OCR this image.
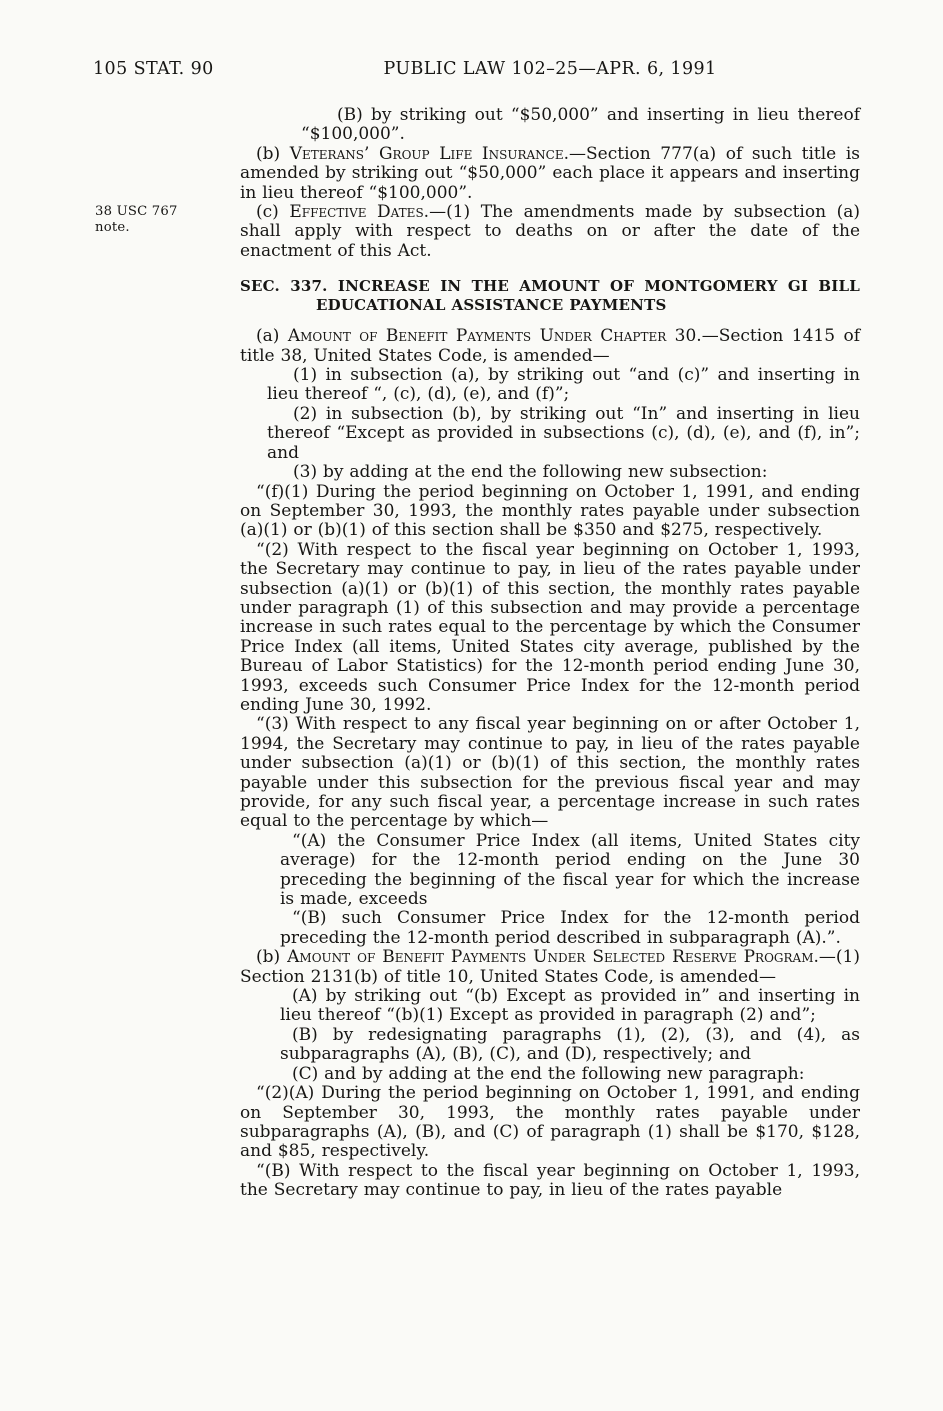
105 STAT. 90	PUBLIC LAW 102–25—APR. 6, 1991
38 USC 767
note.
(B) by striking out “$50,000” and inserting in lieu thereof “$100,000”.
(b) Veterans’ Group Life Insurance.—Section 777(a) of such title is amended by striking out “$50,000” each place it appears and inserting in lieu thereof “$100,000”.
(c) Effective Dates.—(1) The amendments made by subsection (a) shall apply with respect to deaths on or after the date of the enactment of this Act.
SEC. 337. INCREASE IN THE AMOUNT OF MONTGOMERY GI BILL EDUCATIONAL ASSISTANCE PAYMENTS
(a) Amount of Benefit Payments Under Chapter 30.—Section 1415 of title 38, United States Code, is amended—
(1) in subsection (a), by striking out “and (c)” and inserting in lieu thereof “, (c), (d), (e), and (f)”;
(2) in subsection (b), by striking out “In” and inserting in lieu thereof “Except as provided in subsections (c), (d), (e), and (f), in”; and
(3) by adding at the end the following new subsection:
“(f)(1) During the period beginning on October 1, 1991, and ending on September 30, 1993, the monthly rates payable under subsection (a)(1) or (b)(1) of this section shall be $350 and $275, respectively.
“(2) With respect to the fiscal year beginning on October 1, 1993, the Secretary may continue to pay, in lieu of the rates payable under subsection (a)(1) or (b)(1) of this section, the monthly rates payable under paragraph (1) of this subsection and may provide a percentage increase in such rates equal to the percentage by which the Consumer Price Index (all items, United States city average, published by the Bureau of Labor Statistics) for the 12-month period ending June 30, 1993, exceeds such Consumer Price Index for the 12-month period ending June 30, 1992.
“(3) With respect to any fiscal year beginning on or after October 1, 1994, the Secretary may continue to pay, in lieu of the rates payable under subsection (a)(1) or (b)(1) of this section, the monthly rates payable under this subsection for the previous fiscal year and may provide, for any such fiscal year, a percentage increase in such rates equal to the percentage by which—
“(A) the Consumer Price Index (all items, United States city average) for the 12-month period ending on the June 30 preceding the beginning of the fiscal year for which the increase is made, exceeds
“(B) such Consumer Price Index for the 12-month period preceding the 12-month period described in subparagraph (A).”.
(b) Amount of Benefit Payments Under Selected Reserve Program.—(1) Section 2131(b) of title 10, United States Code, is amended—
(A) by striking out “(b) Except as provided in” and inserting in lieu thereof “(b)(1) Except as provided in paragraph (2) and”;
(B) by redesignating paragraphs (1), (2), (3), and (4), as subparagraphs (A), (B), (C), and (D), respectively; and
(C) and by adding at the end the following new paragraph:
“(2)(A) During the period beginning on October 1, 1991, and ending on September 30, 1993, the monthly rates payable under subparagraphs (A), (B), and (C) of paragraph (1) shall be $170, $128, and $85, respectively.
“(B) With respect to the fiscal year beginning on October 1, 1993, the Secretary may continue to pay, in lieu of the rates payable
